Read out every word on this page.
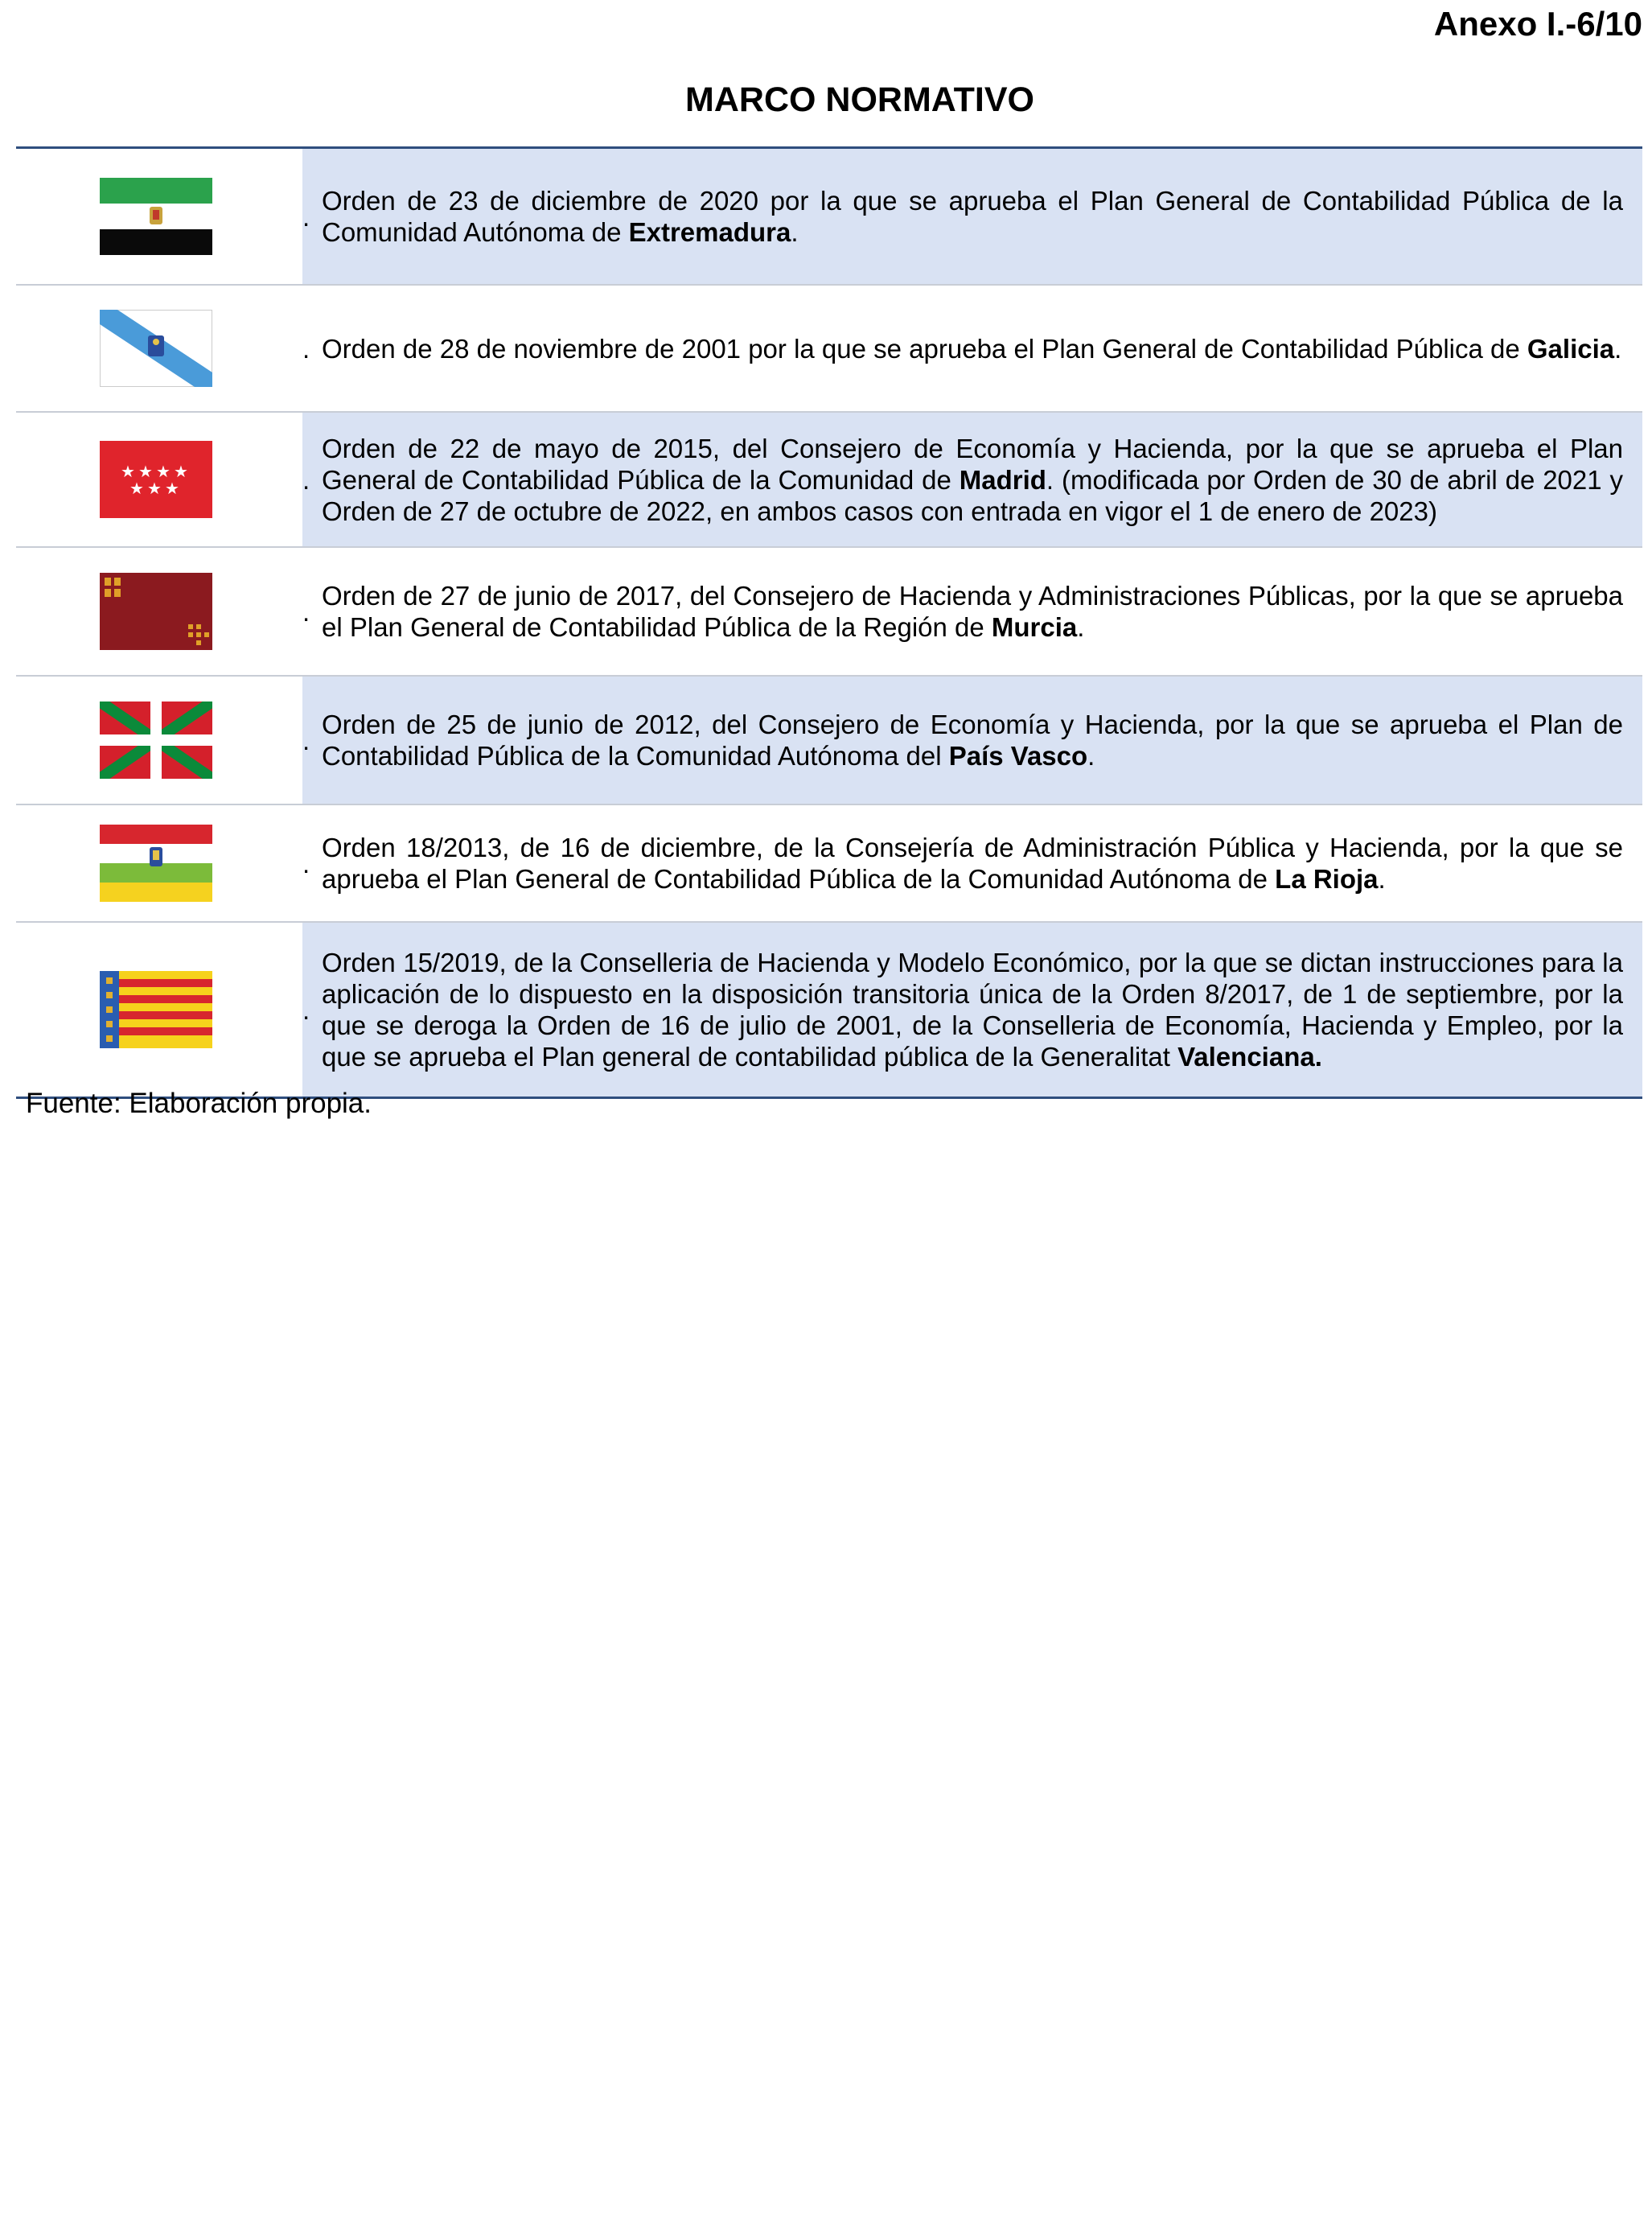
Anexo I.-6/10
MARCO NORMATIVO
.
Orden de 23 de diciembre de 2020 por la que se aprueba el Plan General de Contabilidad Pública de la Comunidad Autónoma de Extremadura.
. Orden de 28 de noviembre de 2001 por la que se aprueba el Plan General de Contabilidad Pública de Galicia.
★ ★ ★ ★
★ ★ ★	.
Orden de 22 de mayo de 2015, del Consejero de Economía y Hacienda, por la que se aprueba el Plan General de Contabilidad Pública de la Comunidad de Madrid. (modificada por Orden de 30 de abril de 2021 y Orden de 27 de octubre de 2022, en ambos casos con entrada en vigor el 1 de enero de 2023)
.
Orden de 27 de junio de 2017, del Consejero de Hacienda y Administraciones Públicas, por la que se aprueba el Plan General de Contabilidad Pública de la Región de Murcia.
.
Orden de 25 de junio de 2012, del Consejero de Economía y Hacienda, por la que se aprueba el Plan de Contabilidad Pública de la Comunidad Autónoma del País Vasco.
.
Orden 18/2013, de 16 de diciembre, de la Consejería de Administración Pública y Hacienda, por la que se aprueba el Plan General de Contabilidad Pública de la Comunidad Autónoma de La Rioja.
.
Orden 15/2019, de la Conselleria de Hacienda y Modelo Económico, por la que se dictan instrucciones para la aplicación de lo dispuesto en la disposición transitoria única de la Orden 8/2017, de 1 de septiembre, por la que se deroga la Orden de 16 de julio de 2001, de la Conselleria de Economía, Hacienda y Empleo, por la que se aprueba el Plan general de contabilidad pública de la Generalitat Valenciana.
Fuente: Elaboración propia.
